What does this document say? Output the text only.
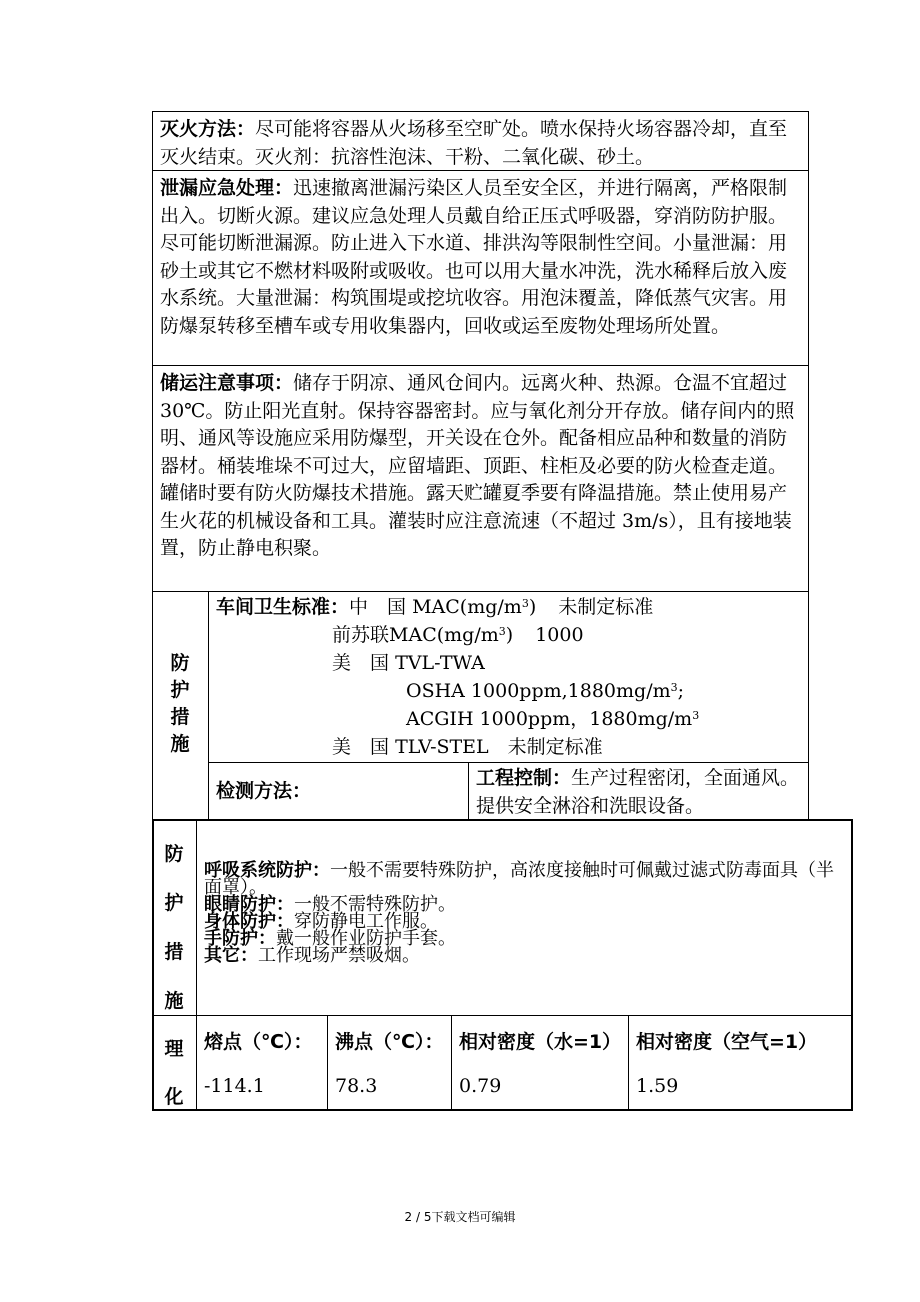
灭火方法：尽可能将容器从火场移至空旷处。喷水保持火场容器冷却，直至灭火结束。灭火剂：抗溶性泡沫、干粉、二氧化碳、砂土。
泄漏应急处理：迅速撤离泄漏污染区人员至安全区，并进行隔离，严格限制出入。切断火源。建议应急处理人员戴自给正压式呼吸器，穿消防防护服。尽可能切断泄漏源。防止进入下水道、排洪沟等限制性空间。小量泄漏：用砂土或其它不燃材料吸附或吸收。也可以用大量水冲洗，洗水稀释后放入废水系统。大量泄漏：构筑围堤或挖坑收容。用泡沫覆盖，降低蒸气灾害。用防爆泵转移至槽车或专用收集器内，回收或运至废物处理场所处置。
储运注意事项：储存于阴凉、通风仓间内。远离火种、热源。仓温不宜超过 30℃。防止阳光直射。保持容器密封。应与氧化剂分开存放。储存间内的照明、通风等设施应采用防爆型，开关设在仓外。配备相应品种和数量的消防器材。桶装堆垛不可过大，应留墙距、顶距、柱柜及必要的防火检查走道。罐储时要有防火防爆技术措施。露天贮罐夏季要有降温措施。禁止使用易产生火花的机械设备和工具。灌装时应注意流速（不超过 3m/s），且有接地装置，防止静电积聚。
防
护
措
施
车间卫生标准：中　国 $MAC(mg/m^3)$ 未制定标准
前苏联$MAC(mg/m^3)$ 1000
美　国 TVL-TWA
OSHA $1000ppm,1880mg/m^3$;
ACGIH 1000ppm，$1880mg/m^3$
美　国 TLV-STEL　未制定标准
检测方法：
工程控制：生产过程密闭，全面通风。提供安全淋浴和洗眼设备。
防
护
措
施
呼吸系统防护：一般不需要特殊防护，高浓度接触时可佩戴过滤式防毒面具（半面罩）。
眼睛防护：一般不需特殊防护。
身体防护：穿防静电工作服。
手防护：戴一般作业防护手套。
其它：工作现场严禁吸烟。
理
化
熔点（℃）：	沸点（℃）： 相对密度（水=1） 相对密度（空气=1）
-114.1	78.3	0.79	1.59
2 / 5下载文档可编辑
